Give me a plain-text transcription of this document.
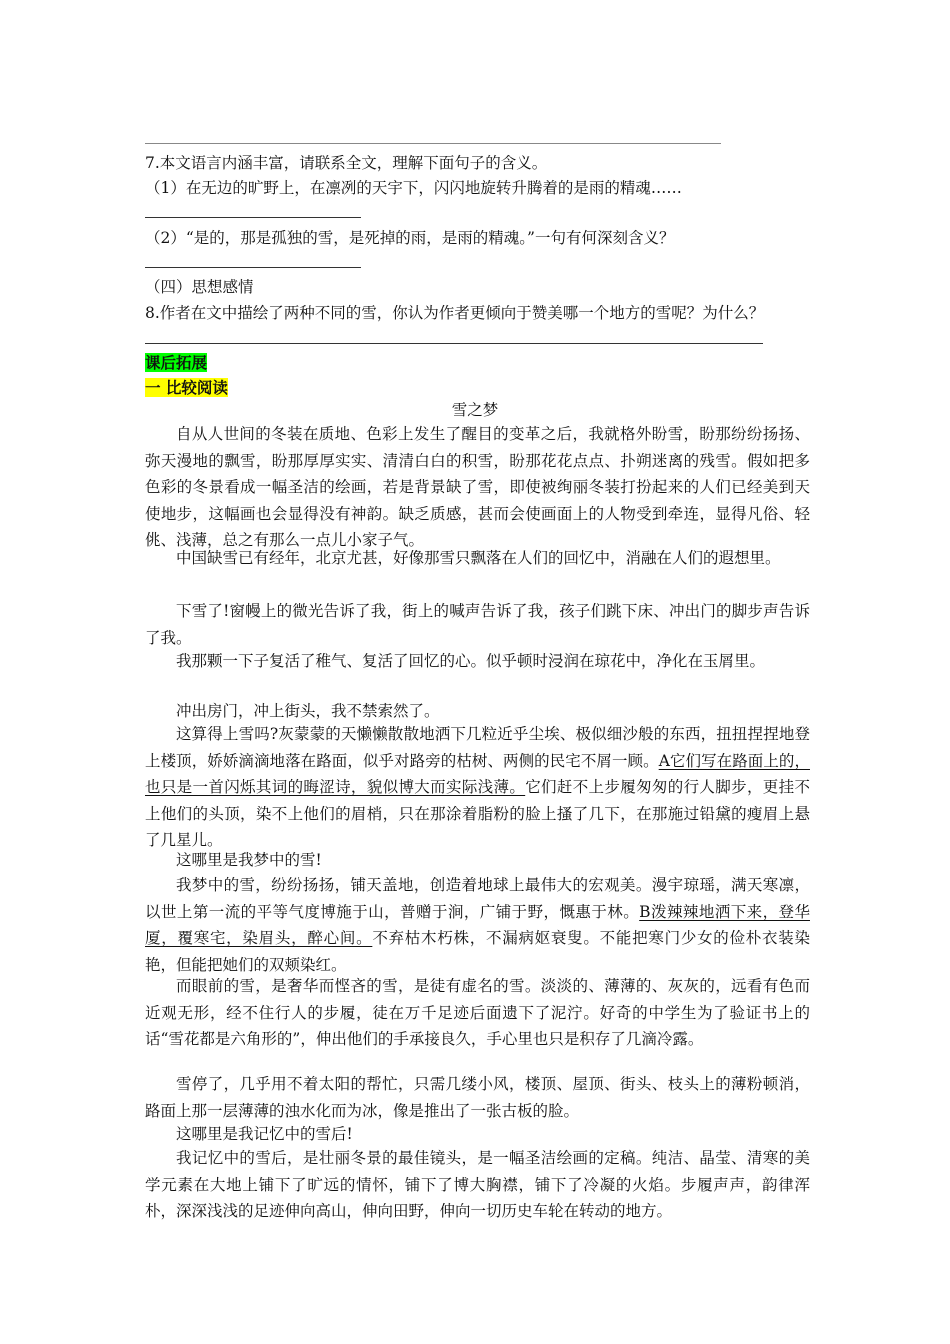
7.本文语言内涵丰富，请联系全文，理解下面句子的含义。
（1）在无边的旷野上，在凛冽的天宇下，闪闪地旋转升腾着的是雨的精魂……
（2）“是的，那是孤独的雪，是死掉的雨，是雨的精魂。”一句有何深刻含义？
（四）思想感情
8.作者在文中描绘了两种不同的雪，你认为作者更倾向于赞美哪一个地方的雪呢？为什么？
课后拓展
一 比较阅读
雪之梦

自从人世间的冬装在质地、色彩上发生了醒目的变革之后，我就格外盼雪，盼那纷纷扬扬、弥天漫地的飘雪，盼那厚厚实实、清清白白的积雪，盼那花花点点、扑朔迷离的残雪。假如把多色彩的冬景看成一幅圣洁的绘画，若是背景缺了雪，即使被绚丽冬装打扮起来的人们已经美到天使地步，这幅画也会显得没有神韵。缺乏质感，甚而会使画面上的人物受到牵连，显得凡俗、轻佻、浅薄，总之有那么一点儿小家子气。

中国缺雪已有经年，北京尤甚，好像那雪只飘落在人们的回忆中，消融在人们的遐想里。

下雪了!窗幔上的微光告诉了我，街上的喊声告诉了我，孩子们跳下床、冲出门的脚步声告诉了我。

我那颗一下子复活了稚气、复活了回忆的心。似乎顿时浸润在琼花中，净化在玉屑里。

冲出房门，冲上街头，我不禁索然了。

这算得上雪吗?灰蒙蒙的天懒懒散散地洒下几粒近乎尘埃、极似细沙般的东西，扭扭捏捏地登上楼顶，娇娇滴滴地落在路面，似乎对路旁的枯树、两侧的民宅不屑一顾。A它们写在路面上的，也只是一首闪烁其词的晦涩诗，貌似博大而实际浅薄。它们赶不上步履匆匆的行人脚步，更挂不上他们的头顶，染不上他们的眉梢，只在那涂着脂粉的脸上搔了几下，在那施过铅黛的瘦眉上悬了几星儿。

这哪里是我梦中的雪!

我梦中的雪，纷纷扬扬，铺天盖地，创造着地球上最伟大的宏观美。漫宇琼瑶，满天寒凛，以世上第一流的平等气度博施于山，普赠于涧，广铺于野，慨惠于林。B泼辣辣地洒下来，登华厦，覆寒宅，染眉头，醉心间。不弃枯木朽株，不漏病妪衰叟。不能把寒门少女的俭朴衣装染艳，但能把她们的双颊染红。

而眼前的雪，是奢华而悭吝的雪，是徒有虚名的雪。淡淡的、薄薄的、灰灰的，远看有色而近观无形，经不住行人的步履，徒在万千足迹后面遗下了泥泞。好奇的中学生为了验证书上的话“雪花都是六角形的”，伸出他们的手承接良久，手心里也只是积存了几滴冷露。

雪停了，几乎用不着太阳的帮忙，只需几缕小风，楼顶、屋顶、街头、枝头上的薄粉顿消，路面上那一层薄薄的浊水化而为冰，像是推出了一张古板的脸。

这哪里是我记忆中的雪后!

我记忆中的雪后，是壮丽冬景的最佳镜头，是一幅圣洁绘画的定稿。纯洁、晶莹、清寒的美学元素在大地上铺下了旷远的情怀，铺下了博大胸襟，铺下了冷凝的火焰。步履声声，韵律浑朴，深深浅浅的足迹伸向高山，伸向田野，伸向一切历史车轮在转动的地方。
